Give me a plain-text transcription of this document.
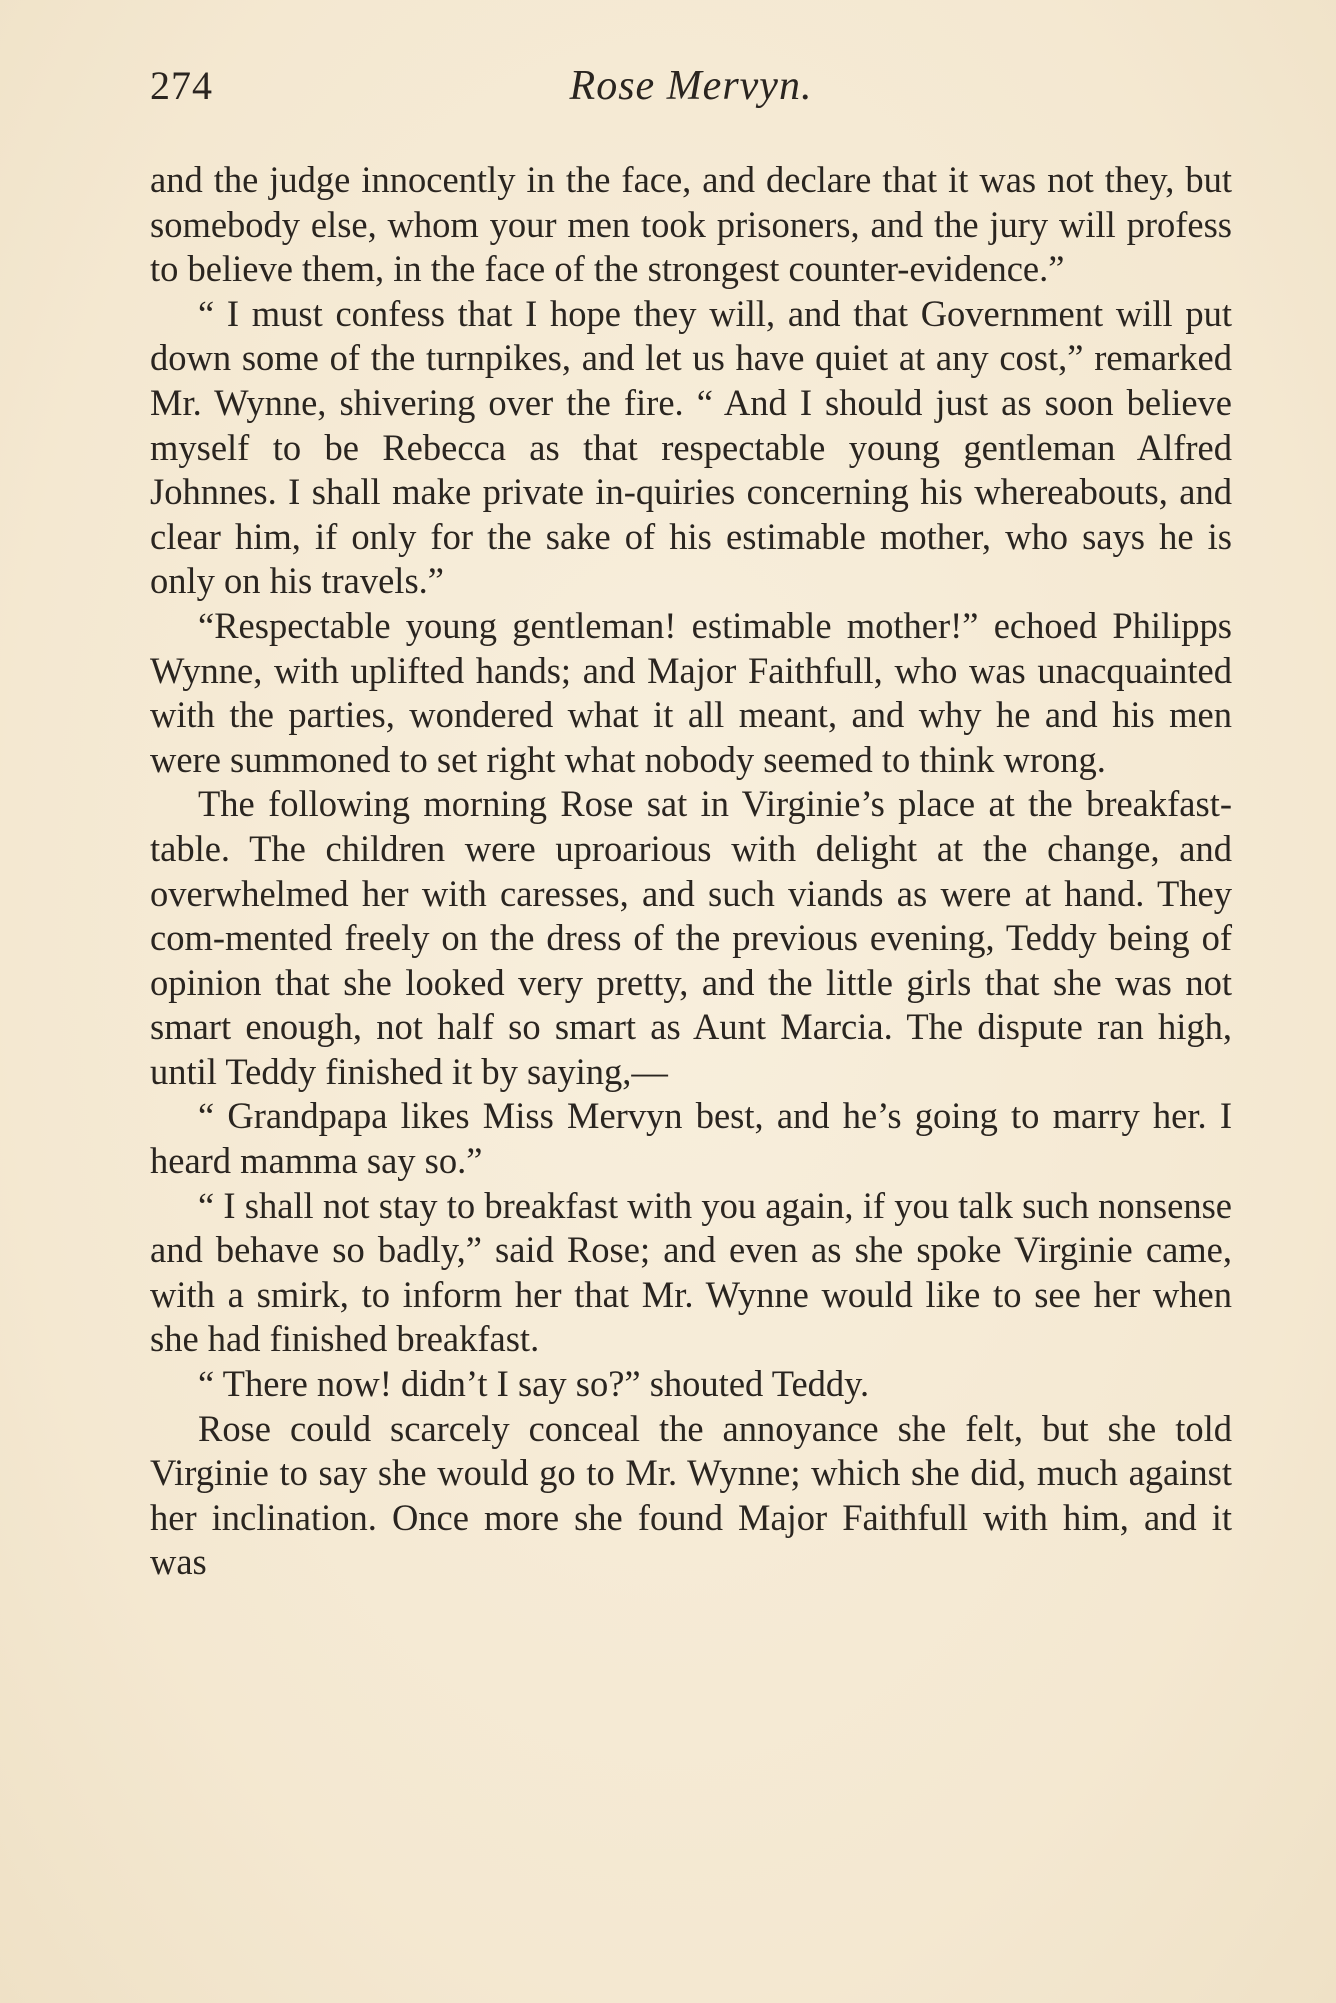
274	Rose Mervyn.

and the judge innocently in the face, and declare that it was not they, but somebody else, whom your men took prisoners, and the jury will profess to believe them, in the face of the strongest counter-evidence.”

“ I must confess that I hope they will, and that Government will put down some of the turnpikes, and let us have quiet at any cost,” remarked Mr. Wynne, shivering over the fire. “ And I should just as soon believe myself to be Rebecca as that respectable young gentleman Alfred Johnnes. I shall make private in-quiries concerning his whereabouts, and clear him, if only for the sake of his estimable mother, who says he is only on his travels.”

“Respectable young gentleman! estimable mother!” echoed Philipps Wynne, with uplifted hands; and Major Faithfull, who was unacquainted with the parties, wondered what it all meant, and why he and his men were summoned to set right what nobody seemed to think wrong.

The following morning Rose sat in Virginie’s place at the breakfast-table. The children were uproarious with delight at the change, and overwhelmed her with caresses, and such viands as were at hand. They com-mented freely on the dress of the previous evening, Teddy being of opinion that she looked very pretty, and the little girls that she was not smart enough, not half so smart as Aunt Marcia. The dispute ran high, until Teddy finished it by saying,—

“ Grandpapa likes Miss Mervyn best, and he’s going to marry her. I heard mamma say so.”

“ I shall not stay to breakfast with you again, if you talk such nonsense and behave so badly,” said Rose; and even as she spoke Virginie came, with a smirk, to inform her that Mr. Wynne would like to see her when she had finished breakfast.

“ There now! didn’t I say so?” shouted Teddy.

Rose could scarcely conceal the annoyance she felt, but she told Virginie to say she would go to Mr. Wynne; which she did, much against her inclination. Once more she found Major Faithfull with him, and it was
